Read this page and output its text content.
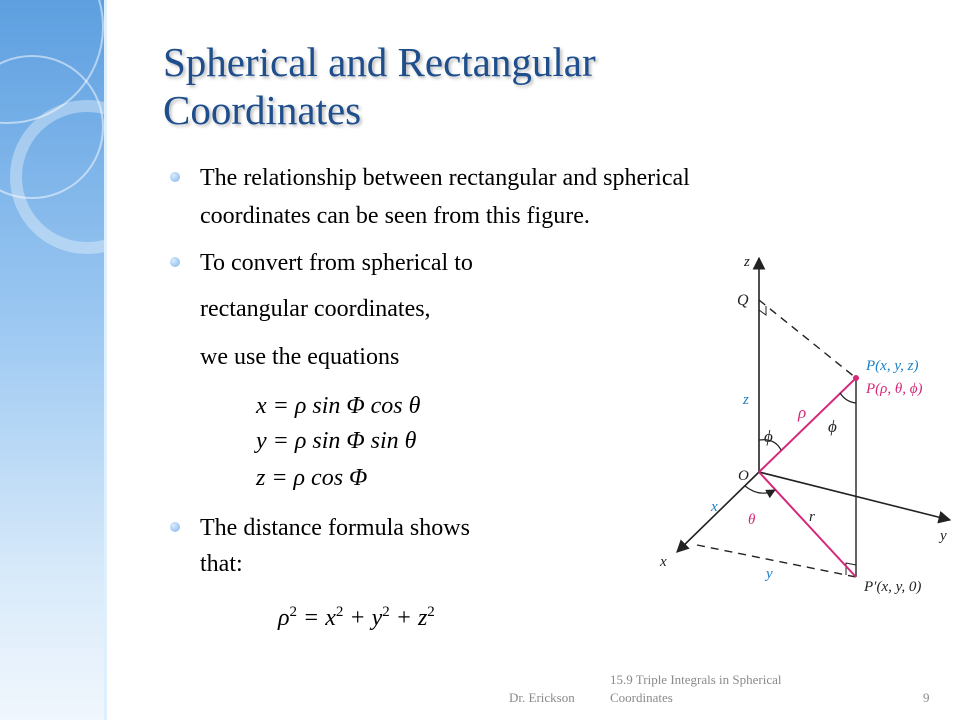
Spherical and Rectangular
Coordinates
The relationship between rectangular and spherical
coordinates can be seen from this figure.
To convert from spherical to
rectangular coordinates,
we use the equations
x = ρ sin Φ cos θ
y = ρ sin Φ sin θ
z = ρ cos Φ
The distance formula shows
that:
$\rho^2 = x^2 + y^2 + z^2$
z
y
x
Q
O
P(x, y, z)
P(ρ, θ, ϕ)
P′(x, y, 0)
z
ρ
ϕ
ϕ
θ	r
x
y
Dr. Erickson
15.9 Triple Integrals in Spherical
Coordinates	9
